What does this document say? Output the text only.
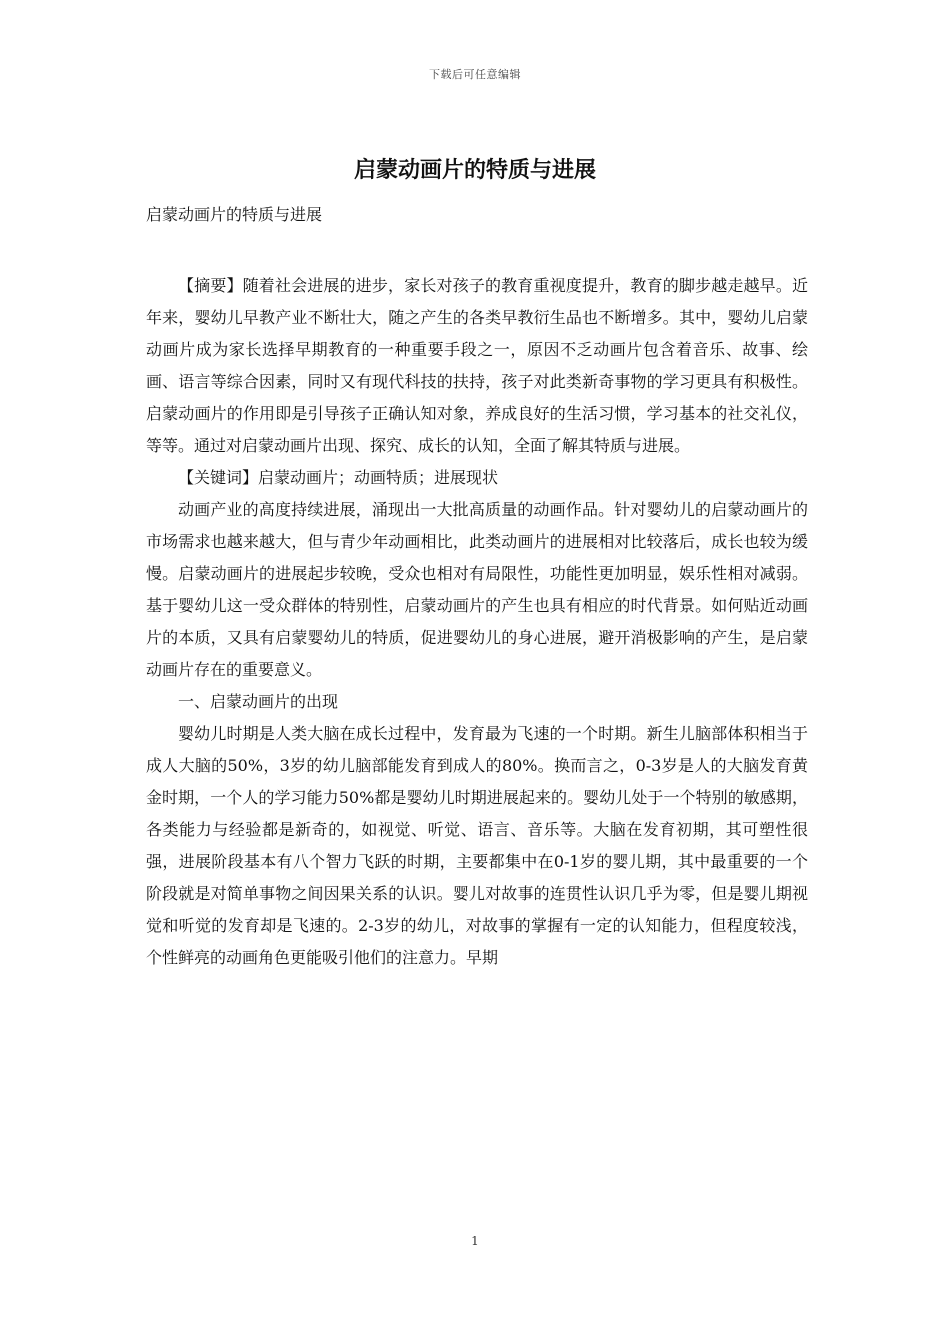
下载后可任意编辑
启蒙动画片的特质与进展

启蒙动画片的特质与进展

【摘要】随着社会进展的进步，家长对孩子的教育重视度提升，教育的脚步越走越早。近年来，婴幼儿早教产业不断壮大，随之产生的各类早教衍生品也不断增多。其中，婴幼儿启蒙动画片成为家长选择早期教育的一种重要手段之一，原因不乏动画片包含着音乐、故事、绘画、语言等综合因素，同时又有现代科技的扶持，孩子对此类新奇事物的学习更具有积极性。启蒙动画片的作用即是引导孩子正确认知对象，养成良好的生活习惯，学习基本的社交礼仪，等等。通过对启蒙动画片出现、探究、成长的认知，全面了解其特质与进展。

【关键词】启蒙动画片；动画特质；进展现状

动画产业的高度持续进展，涌现出一大批高质量的动画作品。针对婴幼儿的启蒙动画片的市场需求也越来越大，但与青少年动画相比，此类动画片的进展相对比较落后，成长也较为缓慢。启蒙动画片的进展起步较晚，受众也相对有局限性，功能性更加明显，娱乐性相对减弱。基于婴幼儿这一受众群体的特别性，启蒙动画片的产生也具有相应的时代背景。如何贴近动画片的本质，又具有启蒙婴幼儿的特质，促进婴幼儿的身心进展，避开消极影响的产生，是启蒙动画片存在的重要意义。

一、启蒙动画片的出现

婴幼儿时期是人类大脑在成长过程中，发育最为飞速的一个时期。新生儿脑部体积相当于成人大脑的50%，3岁的幼儿脑部能发育到成人的80%。换而言之，0-3岁是人的大脑发育黄金时期，一个人的学习能力50%都是婴幼儿时期进展起来的。婴幼儿处于一个特别的敏感期，各类能力与经验都是新奇的，如视觉、听觉、语言、音乐等。大脑在发育初期，其可塑性很强，进展阶段基本有八个智力飞跃的时期，主要都集中在0-1岁的婴儿期，其中最重要的一个阶段就是对简单事物之间因果关系的认识。婴儿对故事的连贯性认识几乎为零，但是婴儿期视觉和听觉的发育却是飞速的。2-3岁的幼儿，对故事的掌握有一定的认知能力，但程度较浅，个性鲜亮的动画角色更能吸引他们的注意力。早期

1
